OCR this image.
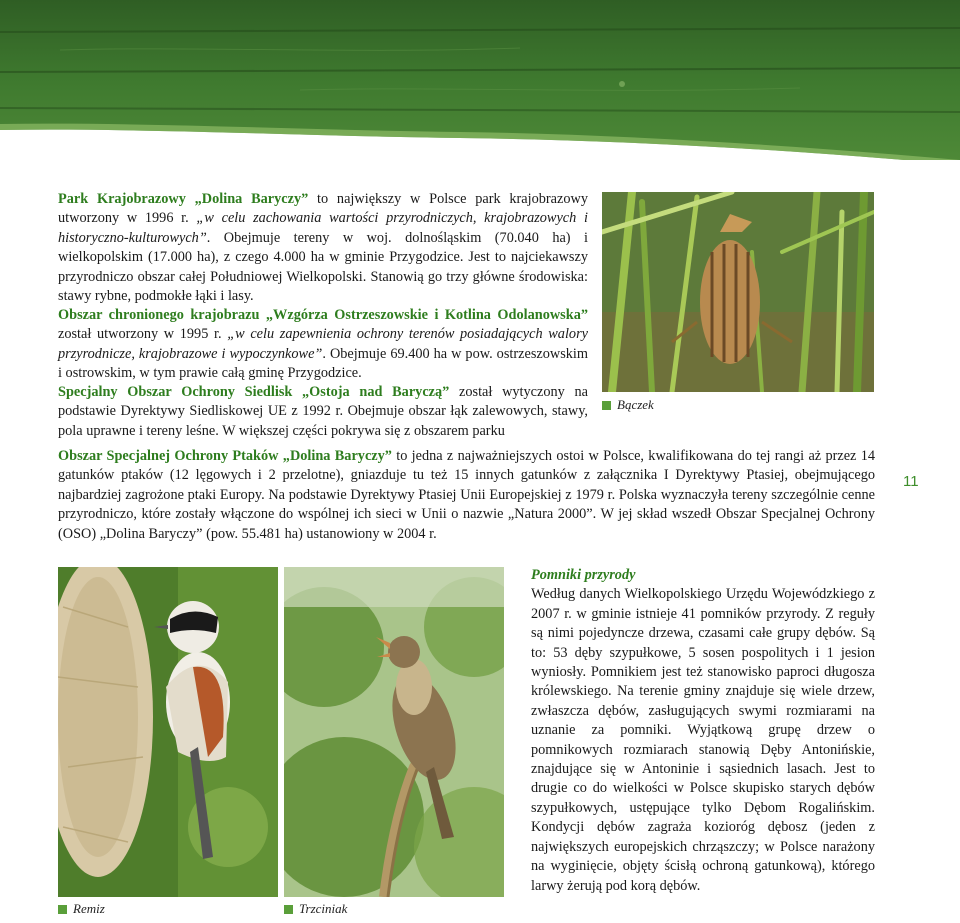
Park Krajobrazowy „Dolina Baryczy” to największy w Polsce park krajobrazowy utworzony w 1996 r. „w celu zachowania wartości przyrodniczych, krajobrazowych i historyczno-kulturowych”. Obejmuje tereny w woj. dolnośląskim (70.040 ha) i wielkopolskim (17.000 ha), z czego 4.000 ha w gminie Przygodzice. Jest to najciekawszy przyrodniczo obszar całej Południowej Wielkopolski. Stanowią go trzy główne środowiska: stawy rybne, podmokłe łąki i lasy.
Obszar chronionego krajobrazu „Wzgórza Ostrzeszowskie i Kotlina Odolanowska” został utworzony w 1995 r. „w celu zapewnienia ochrony terenów posiadających walory przyrodnicze, krajobrazowe i wypoczynkowe”. Obejmuje 69.400 ha w pow. ostrzeszowskim i ostrowskim, w tym prawie całą gminę Przygodzice.
Specjalny Obszar Ochrony Siedlisk „Ostoja nad Baryczą” został wytyczony na podstawie Dyrektywy Siedliskowej UE z 1992 r. Obejmuje obszar łąk zalewowych, stawy, pola uprawne i tereny leśne. W większej części pokrywa się z obszarem parku
Bączek
Obszar Specjalnej Ochrony Ptaków „Dolina Baryczy” to jedna z najważniejszych ostoi w Polsce, kwalifikowana do tej rangi aż przez 14 gatunków ptaków (12 lęgowych i 2 przelotne), gniazduje tu też 15 innych gatunków z załącznika I Dyrektywy Ptasiej, obejmującego najbardziej zagrożone ptaki Europy. Na podstawie Dyrektywy Ptasiej Unii Europejskiej z 1979 r. Polska wyznaczyła tereny szczególnie cenne przyrodniczo, które zostały włączone do wspólnej ich sieci w Unii o nazwie „Natura 2000”. W jej skład wszedł Obszar Specjalnej Ochrony (OSO) „Dolina Baryczy” (pow. 55.481 ha) ustanowiony w 2004 r.
11
Remiz	Trzciniak
Pomniki przyrody
Według danych Wielkopolskiego Urzędu Wojewódzkiego z 2007 r. w gminie istnieje 41 pomników przyrody. Z reguły są nimi pojedyncze drzewa, czasami całe grupy dębów. Są to: 53 dęby szypułkowe, 5 sosen pospolitych i 1 jesion wyniosły. Pomnikiem jest też stanowisko paproci długosza królewskiego. Na terenie gminy znajduje się wiele drzew, zwłaszcza dębów, zasługujących swymi rozmiarami na uznanie za pomniki. Wyjątkową grupę drzew o pomnikowych rozmiarach stanowią Dęby Antonińskie, znajdujące się w Antoninie i sąsiednich lasach. Jest to drugie co do wielkości w Polsce skupisko starych dębów szypułkowych, ustępujące tylko Dębom Rogalińskim. Kondycji dębów zagraża kozioróg dębosz (jeden z największych europejskich chrząszczy; w Polsce narażony na wyginięcie, objęty ścisłą ochroną gatunkową), którego larwy żerują pod korą dębów.
